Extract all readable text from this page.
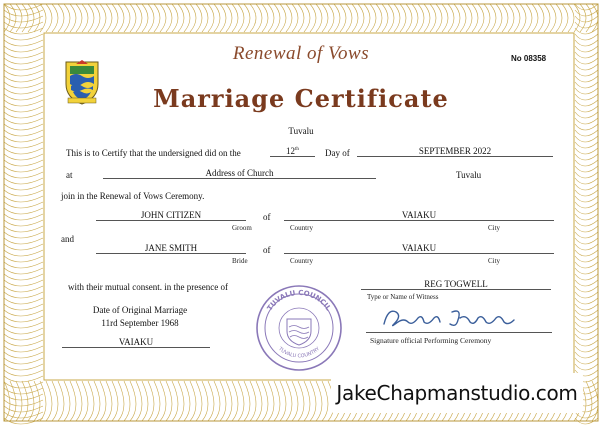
No 08358
Renewal of Vows
Marriage Certificate
Tuvalu
This is to Certify that the undersigned did on the	12th	Day of	SEPTEMBER 2022
at	Address of Church	Tuvalu
join in the Renewal of Vows Ceremony.
JOHN CITIZEN
Groom
of	VAIAKU
Country	City
and
JANE SMITH
Bride
of	VAIAKU
Country	City
with their mutual consent. in the presence of	REG TOGWELL
Type or Name of Witness
Date of Original Marriage
11rd September 1968
VAIAKU
TUVALU COUNCIL
TUVALU COUNTRY
Signature official Performing Ceremony
JakeChapmanstudio.com
